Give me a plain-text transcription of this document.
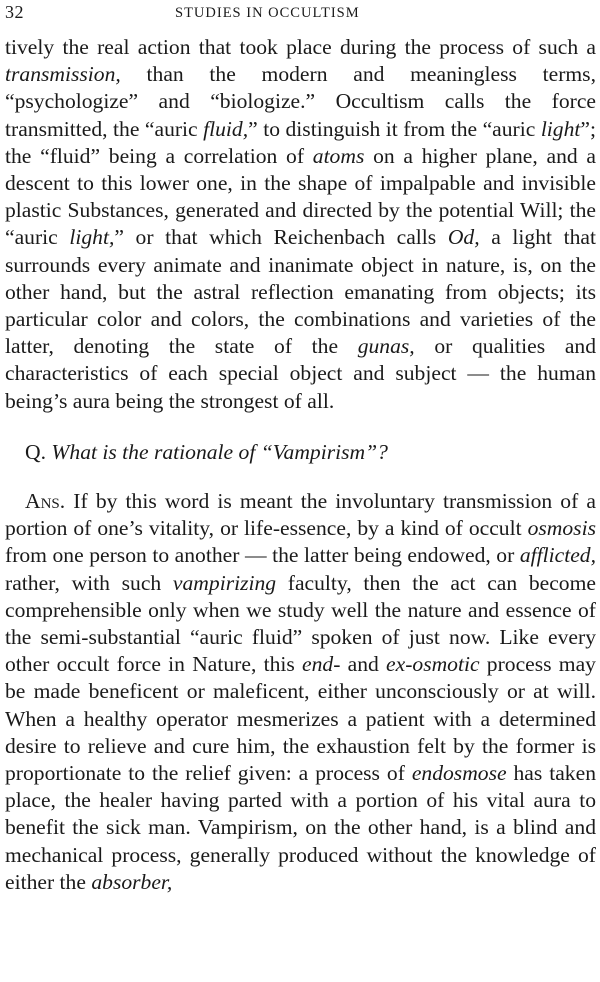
32	STUDIES IN OCCULTISM

tively the real action that took place during the process of such a transmission, than the modern and meaningless terms, “psychologize” and “biologize.” Occultism calls the force transmitted, the “auric fluid,” to distinguish it from the “auric light”; the “fluid” being a correlation of atoms on a higher plane, and a descent to this lower one, in the shape of impalpable and invisible plastic Substances, generated and directed by the potential Will; the “auric light,” or that which Reichenbach calls Od, a light that surrounds every animate and inanimate object in nature, is, on the other hand, but the astral reflection emanating from objects; its particular color and colors, the combinations and varieties of the latter, denoting the state of the gunas, or qualities and characteristics of each special object and subject — the human being’s aura being the strongest of all.

Q. What is the rationale of “Vampirism”?

Ans. If by this word is meant the involuntary transmission of a portion of one’s vitality, or life-essence, by a kind of occult osmosis from one person to another — the latter being endowed, or afflicted, rather, with such vampirizing faculty, then the act can become comprehensible only when we study well the nature and essence of the semi-substantial “auric fluid” spoken of just now. Like every other occult force in Nature, this end- and ex-osmotic process may be made beneficent or maleficent, either unconsciously or at will. When a healthy operator mesmerizes a patient with a determined desire to relieve and cure him, the exhaustion felt by the former is proportionate to the relief given: a process of endosmose has taken place, the healer having parted with a portion of his vital aura to benefit the sick man. Vampirism, on the other hand, is a blind and mechanical process, generally produced without the knowledge of either the absorber,
